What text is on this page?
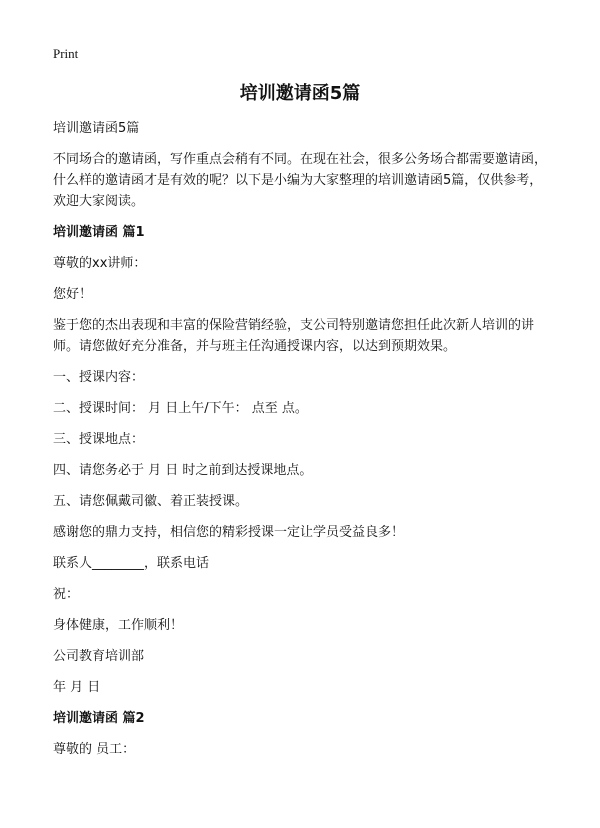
Print
培训邀请函5篇

培训邀请函5篇

不同场合的邀请函，写作重点会稍有不同。在现在社会，很多公务场合都需要邀请函，什么样的邀请函才是有效的呢？以下是小编为大家整理的培训邀请函5篇，仅供参考，欢迎大家阅读。

培训邀请函 篇1

尊敬的xx讲师：

您好！

鉴于您的杰出表现和丰富的保险营销经验，支公司特别邀请您担任此次新人培训的讲师。请您做好充分准备，并与班主任沟通授课内容，以达到预期效果。

一、授课内容：

二、授课时间： 月 日上午/下午： 点至 点。

三、授课地点：

四、请您务必于 月 日 时之前到达授课地点。

五、请您佩戴司徽、着正装授课。

感谢您的鼎力支持，相信您的精彩授课一定让学员受益良多！

联系人________，联系电话

祝：

身体健康，工作顺利！

公司教育培训部

年 月 日

培训邀请函 篇2

尊敬的 员工：
